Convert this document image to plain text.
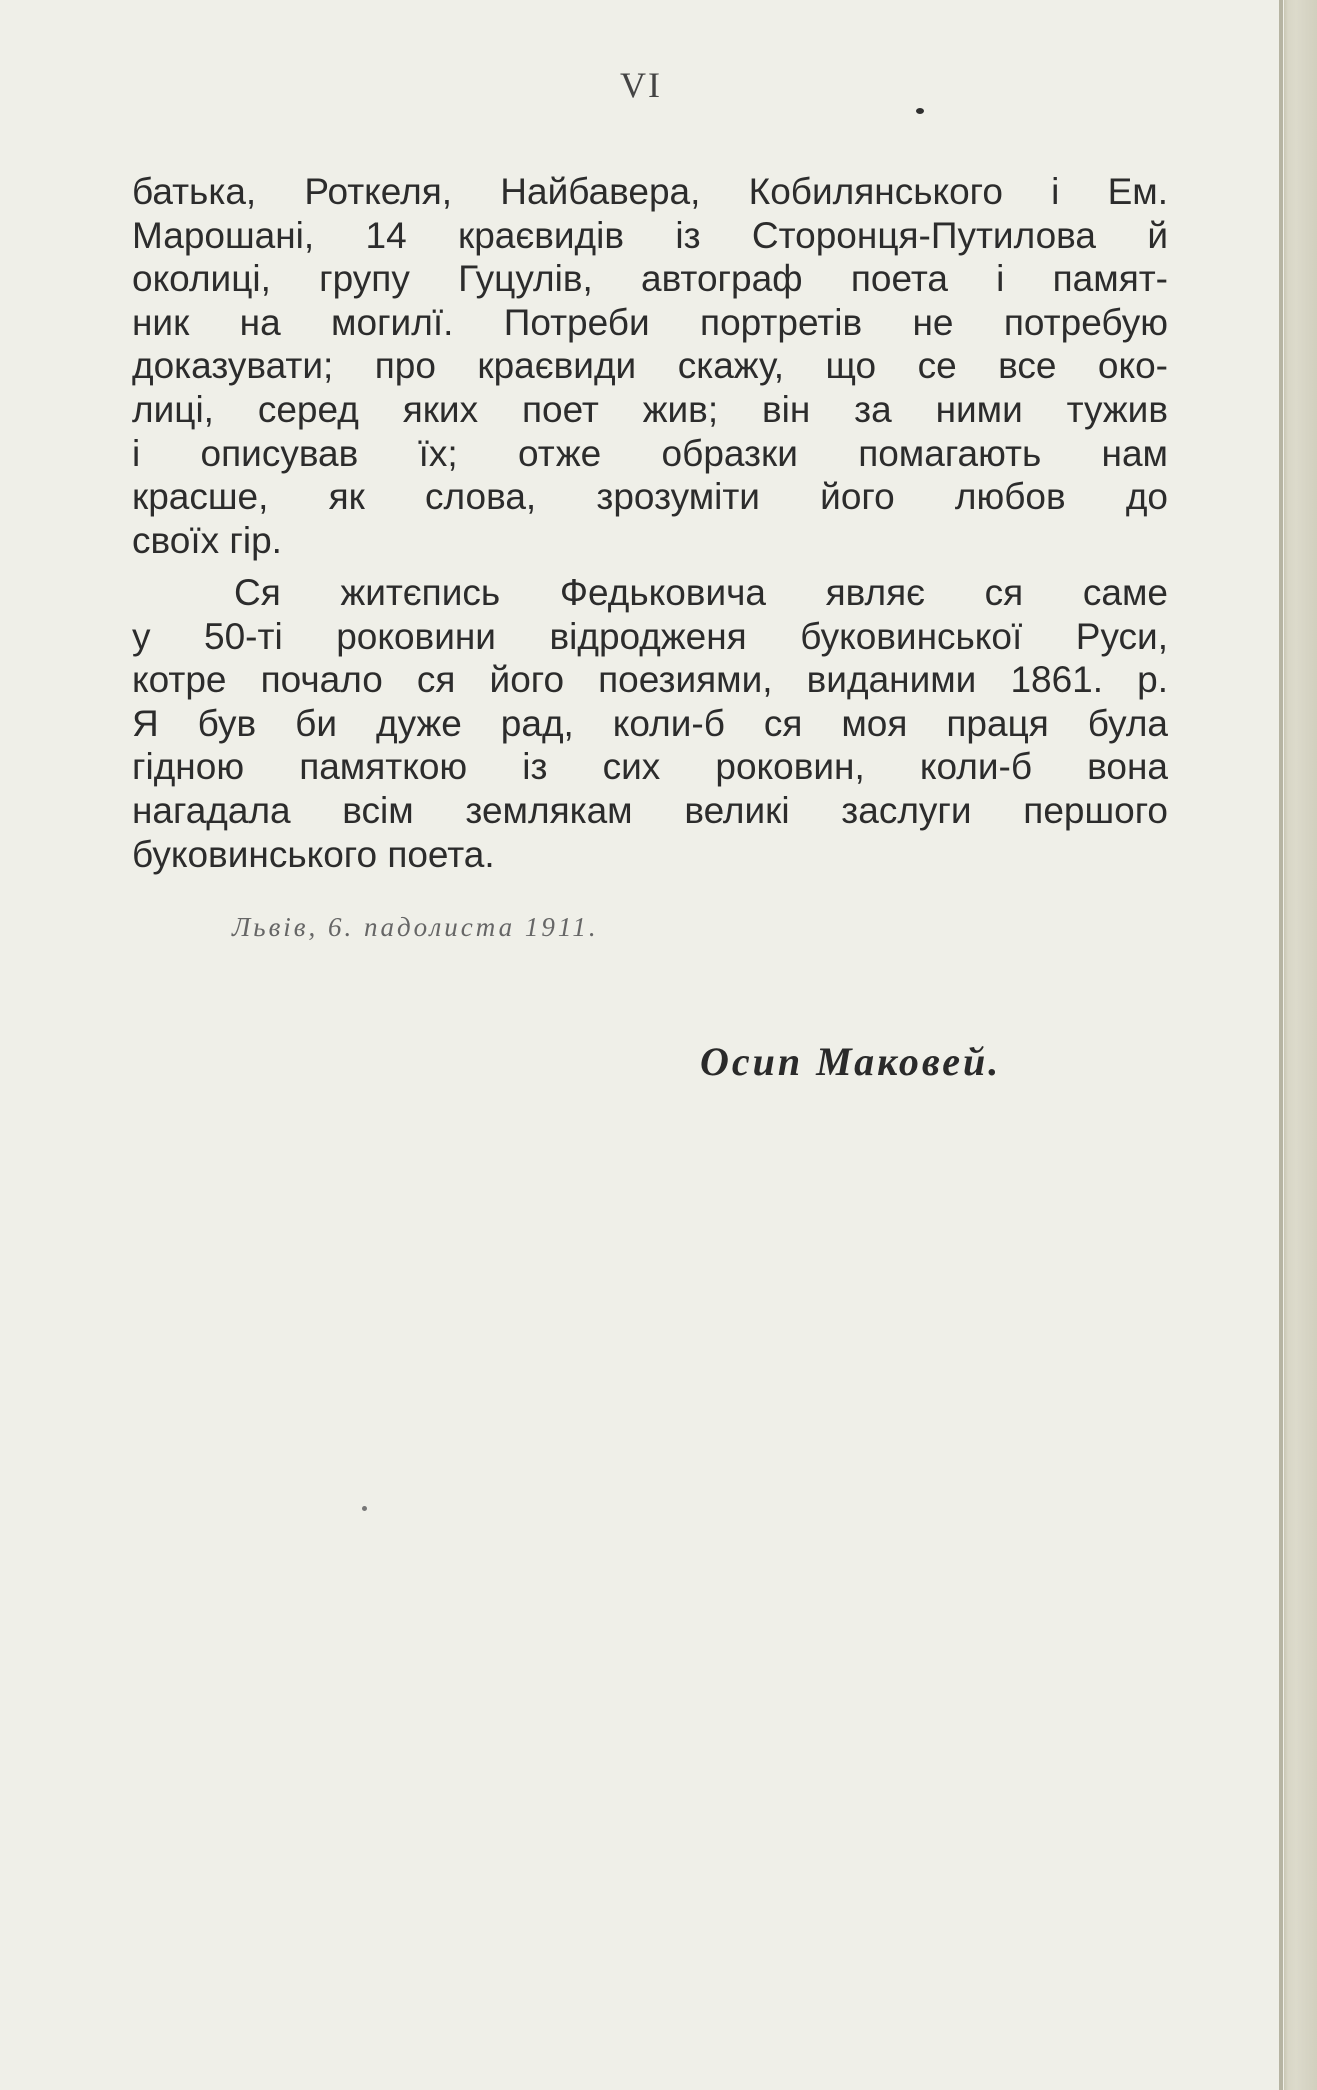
VI
батька, Роткеля, Найбавера, Кобилянського і Ем.
Марошані, 14 краєвидів із Сторонця-Путилова й
околиці, групу Гуцулів, автограф поета і памят-
ник на могилї. Потреби портретів не потребую
доказувати; про краєвиди скажу, що се все око-
лиці, серед яких поет жив; він за ними тужив
і описував їх; отже образки помагають нам
красше, як слова, зрозуміти його любов до
своїх гір.
Ся житєпись Федьковича являє ся саме
у 50-ті роковини відродженя буковинської Руси,
котре почало ся його поезиями, виданими 1861. р.
Я був би дуже рад, коли-б ся моя праця була
гідною памяткою із сих роковин, коли-б вона
нагадала всім землякам великі заслуги першого
буковинського поета.
Львів, 6. падолиста 1911.
Осип Маковей.
